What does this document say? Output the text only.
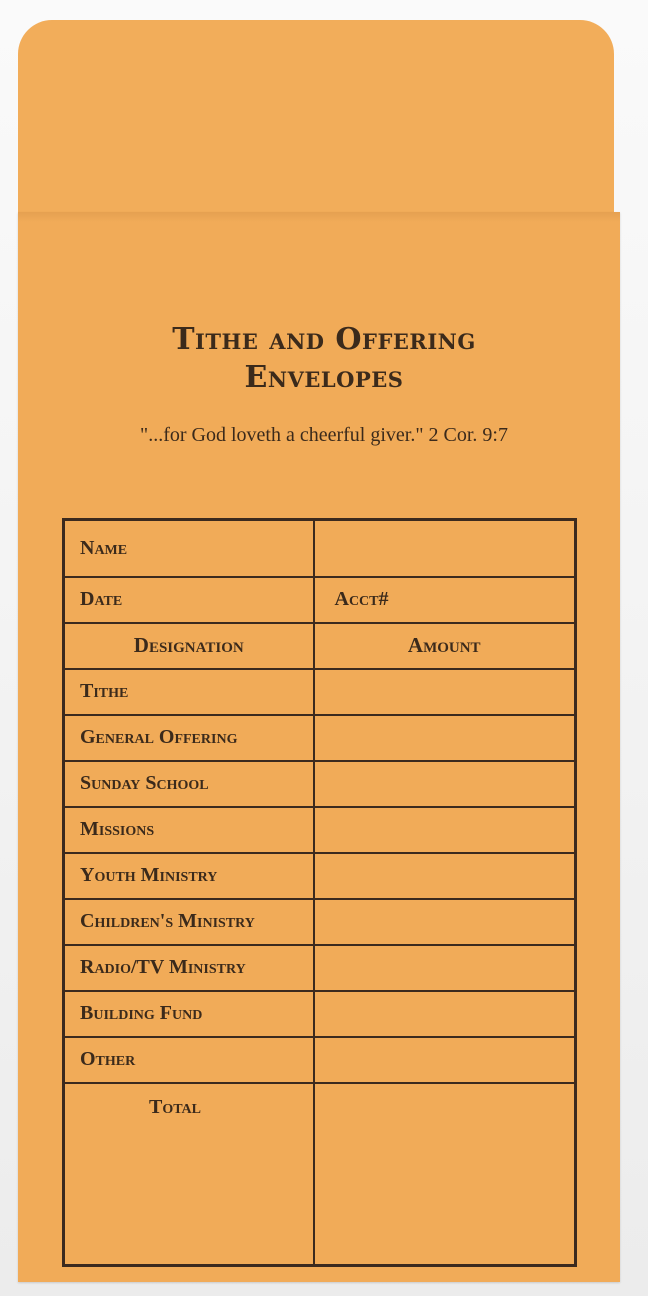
Tithe and Offering
Envelopes
"...for God loveth a cheerful giver." 2 Cor. 9:7
Name	
Date	Acct#
Designation	Amount
Tithe	
General Offering	
Sunday School	
Missions	
Youth Ministry	
Children's Ministry	
Radio/TV Ministry	
Building Fund	
Other	
Total	
